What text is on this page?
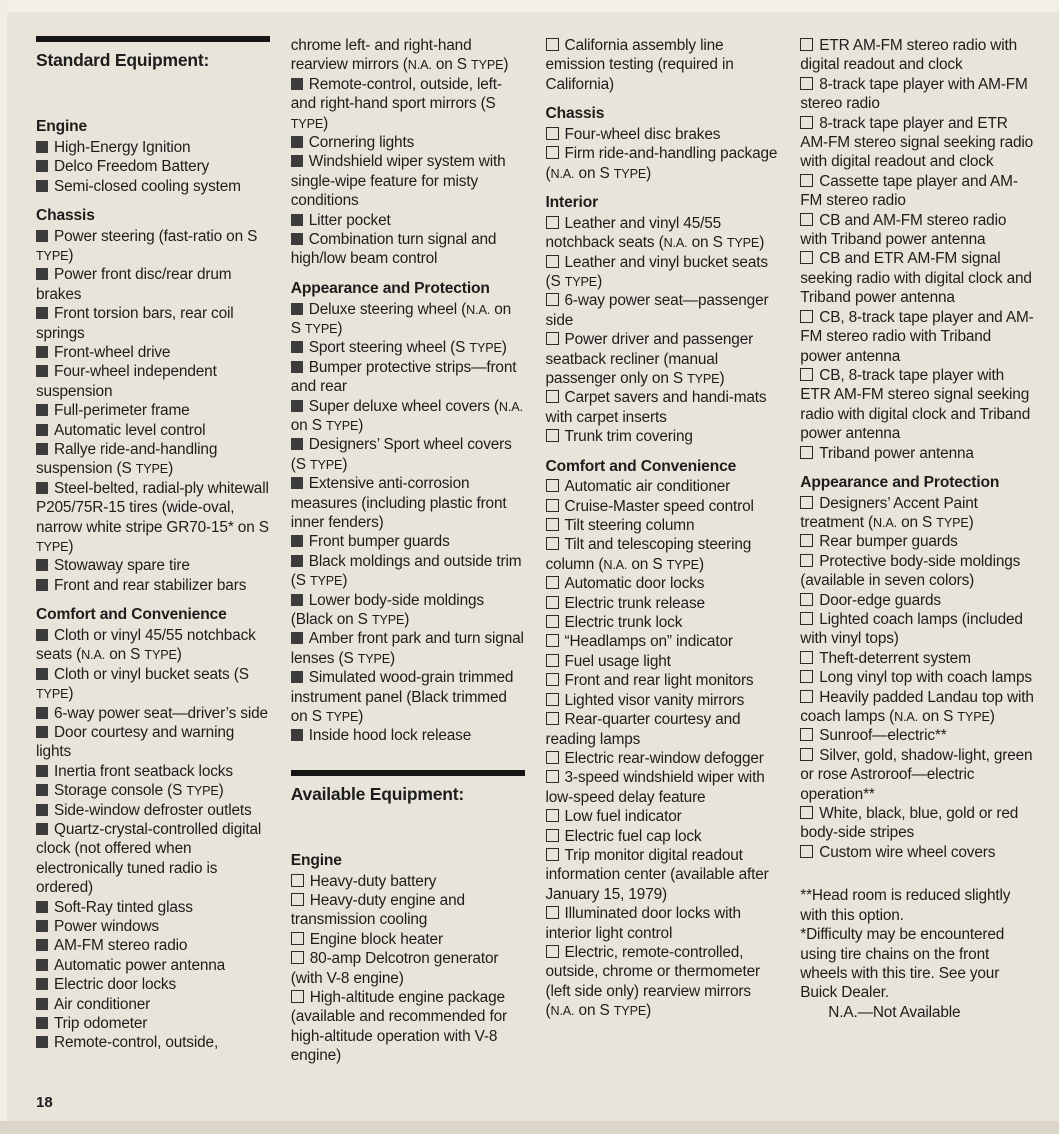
Standard Equipment:
Engine

High-Energy Ignition

Delco Freedom Battery

Semi-closed cooling system

Chassis

Power steering (fast-ratio on S TYPE)

Power front disc/rear drum brakes

Front torsion bars, rear coil springs

Front-wheel drive

Four-wheel independent suspension

Full-perimeter frame

Automatic level control

Rallye ride-and-handling suspension (S TYPE)

Steel-belted, radial-ply whitewall P205/75R-15 tires (wide-oval, narrow white stripe GR70-15* on S TYPE)

Stowaway spare tire

Front and rear stabilizer bars

Comfort and Convenience

Cloth or vinyl 45/55 notchback seats (N.A. on S TYPE)

Cloth or vinyl bucket seats (S TYPE)

6-way power seat—driver’s side

Door courtesy and warning lights

Inertia front seatback locks

Storage console (S TYPE)

Side-window defroster outlets

Quartz-crystal-controlled digital clock (not offered when electronically tuned radio is ordered)

Soft-Ray tinted glass

Power windows

AM-FM stereo radio

Automatic power antenna

Electric door locks

Air conditioner

Trip odometer

Remote-control, outside,

chrome left- and right-hand rearview mirrors (N.A. on S TYPE)

Remote-control, outside, left- and right-hand sport mirrors (S TYPE)

Cornering lights

Windshield wiper system with single-wipe feature for misty conditions

Litter pocket

Combination turn signal and high/low beam control

Appearance and Protection

Deluxe steering wheel (N.A. on S TYPE)

Sport steering wheel (S TYPE)

Bumper protective strips—front and rear

Super deluxe wheel covers (N.A. on S TYPE)

Designers’ Sport wheel covers (S TYPE)

Extensive anti-corrosion measures (including plastic front inner fenders)

Front bumper guards

Black moldings and outside trim (S TYPE)

Lower body-side moldings (Black on S TYPE)

Amber front park and turn signal lenses (S TYPE)

Simulated wood-grain trimmed instrument panel (Black trimmed on S TYPE)

Inside hood lock release

Available Equipment:
Engine

Heavy-duty battery

Heavy-duty engine and transmission cooling

Engine block heater

80-amp Delcotron generator (with V-8 engine)

High-altitude engine package (available and recommended for high-altitude operation with V-8 engine)

California assembly line emission testing (required in California)

Chassis

Four-wheel disc brakes

Firm ride-and-handling package (N.A. on S TYPE)

Interior

Leather and vinyl 45/55 notchback seats (N.A. on S TYPE)

Leather and vinyl bucket seats (S TYPE)

6-way power seat—passenger side

Power driver and passenger seatback recliner (manual passenger only on S TYPE)

Carpet savers and handi-mats with carpet inserts

Trunk trim covering

Comfort and Convenience

Automatic air conditioner

Cruise-Master speed control

Tilt steering column

Tilt and telescoping steering column (N.A. on S TYPE)

Automatic door locks

Electric trunk release

Electric trunk lock

“Headlamps on” indicator

Fuel usage light

Front and rear light monitors

Lighted visor vanity mirrors

Rear-quarter courtesy and reading lamps

Electric rear-window defogger

3-speed windshield wiper with low-speed delay feature

Low fuel indicator

Electric fuel cap lock

Trip monitor digital readout information center (available after January 15, 1979)

Illuminated door locks with interior light control

Electric, remote-controlled, outside, chrome or thermometer (left side only) rearview mirrors (N.A. on S TYPE)

ETR AM-FM stereo radio with digital readout and clock

8-track tape player with AM-FM stereo radio

8-track tape player and ETR AM-FM stereo signal seeking radio with digital readout and clock

Cassette tape player and AM-FM stereo radio

CB and AM-FM stereo radio with Triband power antenna

CB and ETR AM-FM signal seeking radio with digital clock and Triband power antenna

CB, 8-track tape player and AM-FM stereo radio with Triband power antenna

CB, 8-track tape player with ETR AM-FM stereo signal seeking radio with digital clock and Triband power antenna

Triband power antenna

Appearance and Protection

Designers’ Accent Paint treatment (N.A. on S TYPE)

Rear bumper guards

Protective body-side moldings (available in seven colors)

Door-edge guards

Lighted coach lamps (included with vinyl tops)

Theft-deterrent system

Long vinyl top with coach lamps

Heavily padded Landau top with coach lamps (N.A. on S TYPE)

Sunroof—electric**

Silver, gold, shadow-light, green or rose Astroroof—electric operation**

White, black, blue, gold or red body-side stripes

Custom wire wheel covers

**Head room is reduced slightly with this option.

*Difficulty may be encountered using tire chains on the front wheels with this tire. See your Buick Dealer.

N.A.—Not Available

18
